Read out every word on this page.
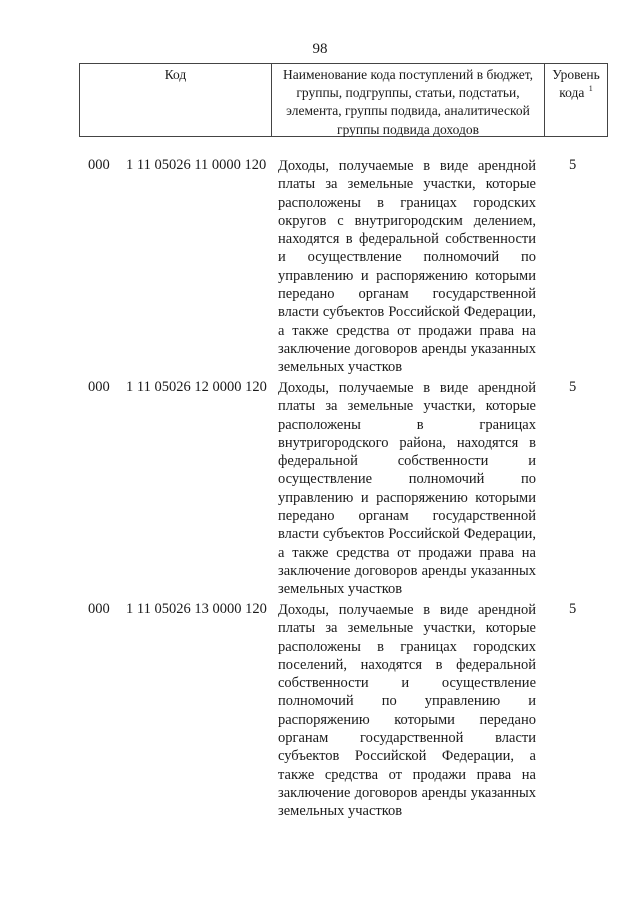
98
Код	Наименование кода поступлений в бюджет, группы, подгруппы, статьи, подстатьи, элемента, группы подвида, аналитической группы подвида доходов
Уровень
кода $^1$
000 1 11 05026 11 0000 120 Доходы, получаемые в виде арендной платы за земельные участки, которые расположены в границах городских округов с внутригородским делением, находятся в федеральной собственности и осуществление полномочий по управлению и распоряжению которыми передано органам государственной власти субъектов Российской Федерации, а также средства от продажи права на заключение договоров аренды указанных земельных участков
5
000 1 11 05026 12 0000 120 Доходы, получаемые в виде арендной платы за земельные участки, которые расположены в границах внутригородского района, находятся в федеральной собственности и осуществление полномочий по управлению и распоряжению которыми передано органам государственной власти субъектов Российской Федерации, а также средства от продажи права на заключение договоров аренды указанных земельных участков
5
000 1 11 05026 13 0000 120 Доходы, получаемые в виде арендной платы за земельные участки, которые расположены в границах городских поселений, находятся в федеральной собственности и осуществление полномочий по управлению и распоряжению которыми передано органам государственной власти субъектов Российской Федерации, а также средства от продажи права на заключение договоров аренды указанных земельных участков
5
